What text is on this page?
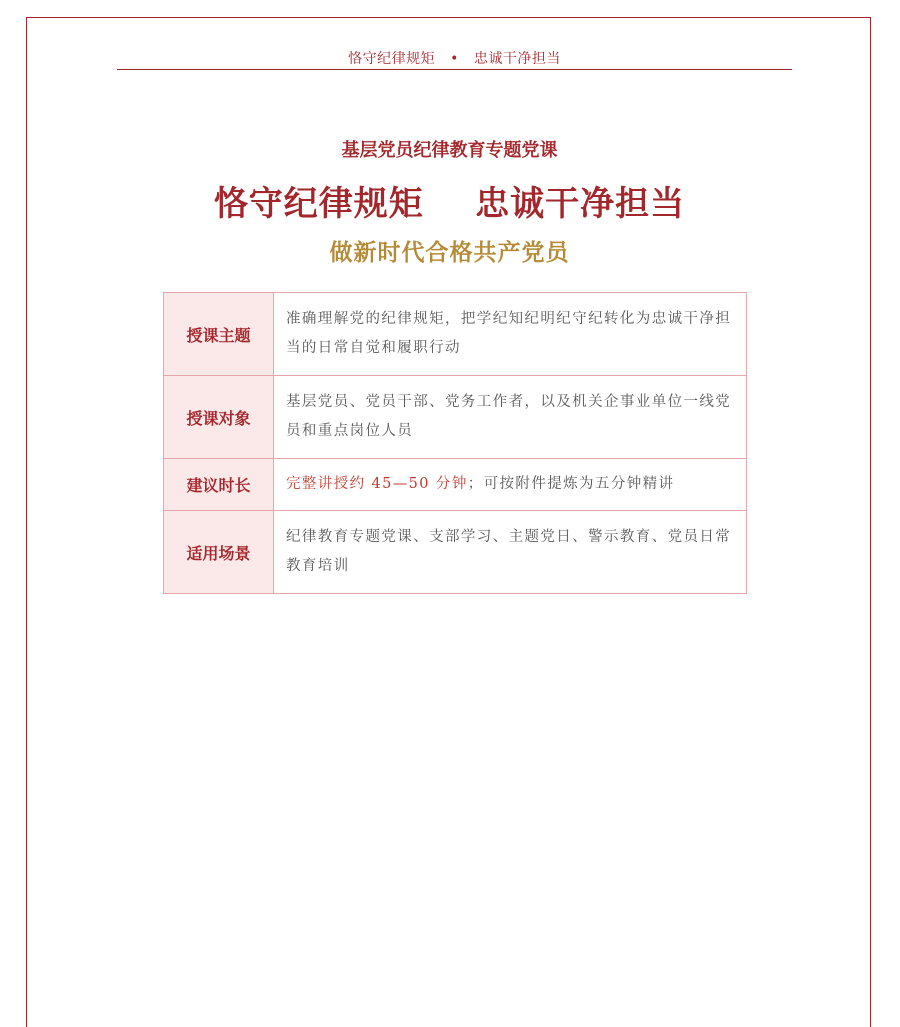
恪守纪律规矩 • 忠诚干净担当
基层党员纪律教育专题党课
恪守纪律规矩    忠诚干净担当
做新时代合格共产党员
授课主题	准确理解党的纪律规矩，把学纪知纪明纪守纪转化为忠诚干净担当的日常自觉和履职行动
授课对象	基层党员、党员干部、党务工作者，以及机关企事业单位一线党员和重点岗位人员
建议时长	完整讲授约 45—50 分钟；可按附件提炼为五分钟精讲
适用场景	纪律教育专题党课、支部学习、主题党日、警示教育、党员日常教育培训
